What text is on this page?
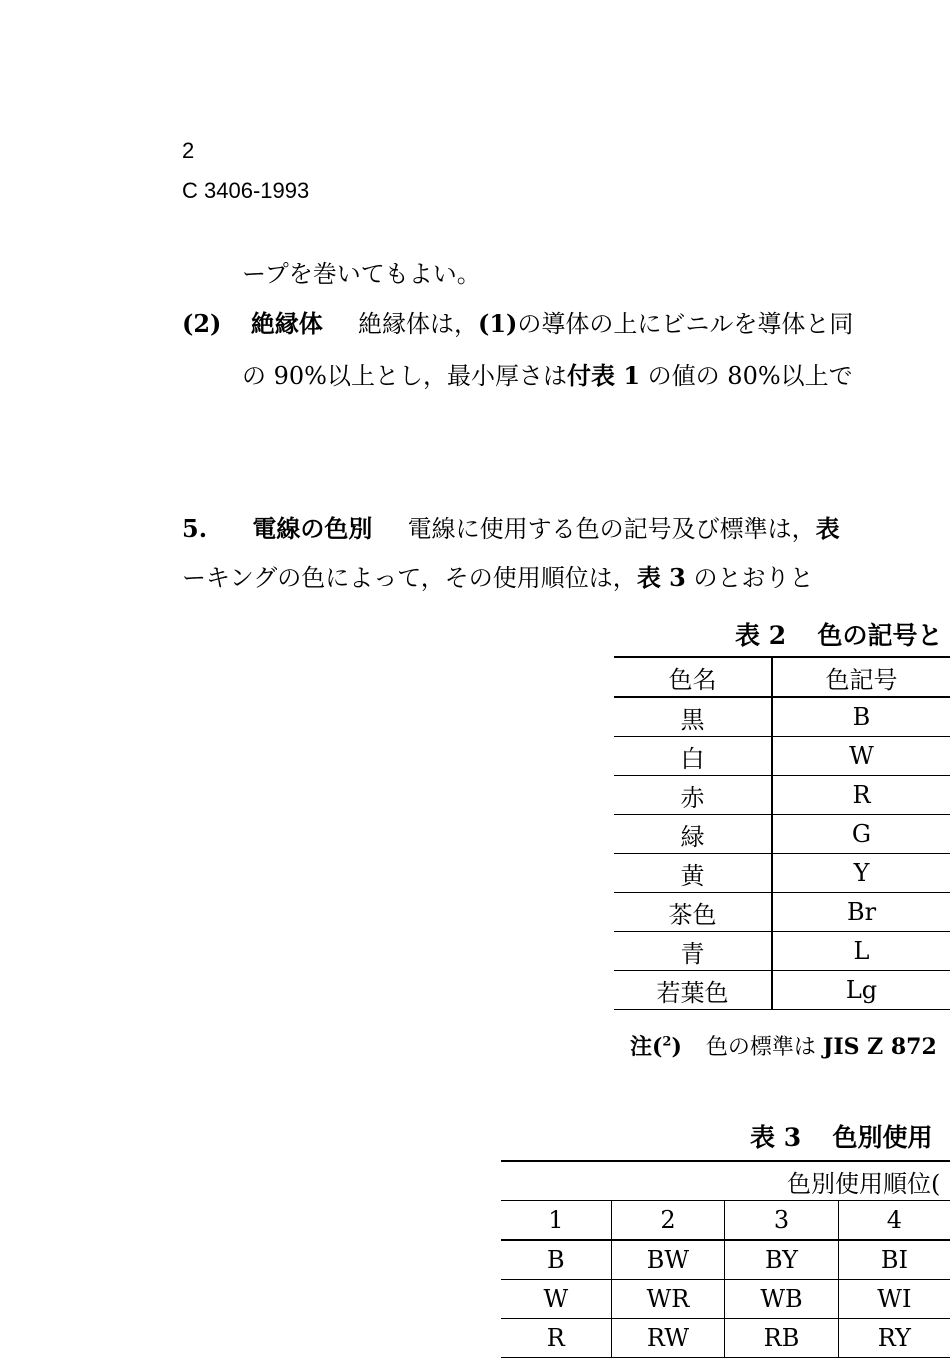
2
C 3406-1993
ープを巻いてもよい。
(2) 絶縁体 絶縁体は，(1)の導体の上にビニルを導体と同
の 90%以上とし，最小厚さは付表 1 の値の 80%以上で
5. 電線の色別 電線に使用する色の記号及び標準は，表
ーキングの色によって，その使用順位は，表 3 のとおりと
表 2 色の記号と
色名	色記号
黒	B
白	W
赤	R
緑	G
黄	Y
茶色	Br
青	L
若葉色	Lg
注($^2$) 色の標準は JIS Z 872
表 3 色別使用
色別使用順位(			
1	2	3	4
B	BW	BY	BI
W	WR	WB	WI
R	RW	RB	RY
